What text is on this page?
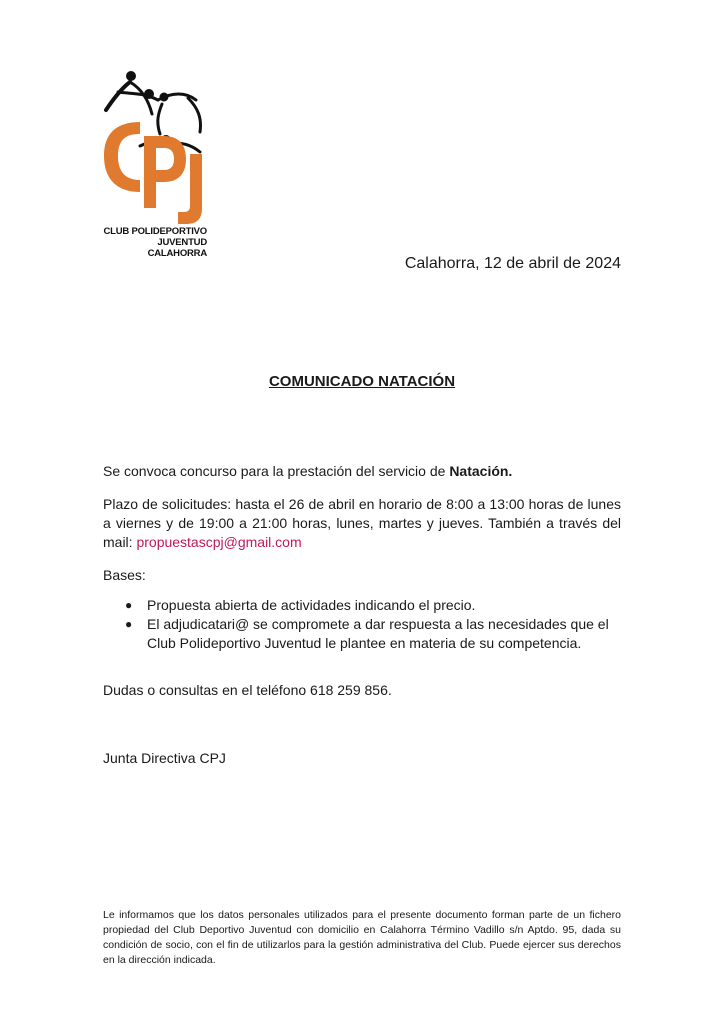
CLUB POLIDEPORTIVO
JUVENTUD
CALAHORRA
Calahorra, 12 de abril de 2024
COMUNICADO NATACIÓN

Se convoca concurso para la prestación del servicio de Natación.

Plazo de solicitudes: hasta el 26 de abril en horario de 8:00 a 13:00 horas de lunes a viernes y de 19:00 a 21:00 horas, lunes, martes y jueves. También a través del mail: propuestascpj@gmail.com

Bases:

● Propuesta abierta de actividades indicando el precio.
● El adjudicatari@ se compromete a dar respuesta a las necesidades que el Club Polideportivo Juventud le plantee en materia de su competencia.
Dudas o consultas en el teléfono 618 259 856.
Junta Directiva CPJ
Le informamos que los datos personales utilizados para el presente documento forman parte de un fichero propiedad del Club Deportivo Juventud con domicilio en Calahorra Término Vadillo s/n Aptdo. 95, dada su condición de socio, con el fin de utilizarlos para la gestión administrativa del Club. Puede ejercer sus derechos en la dirección indicada.
